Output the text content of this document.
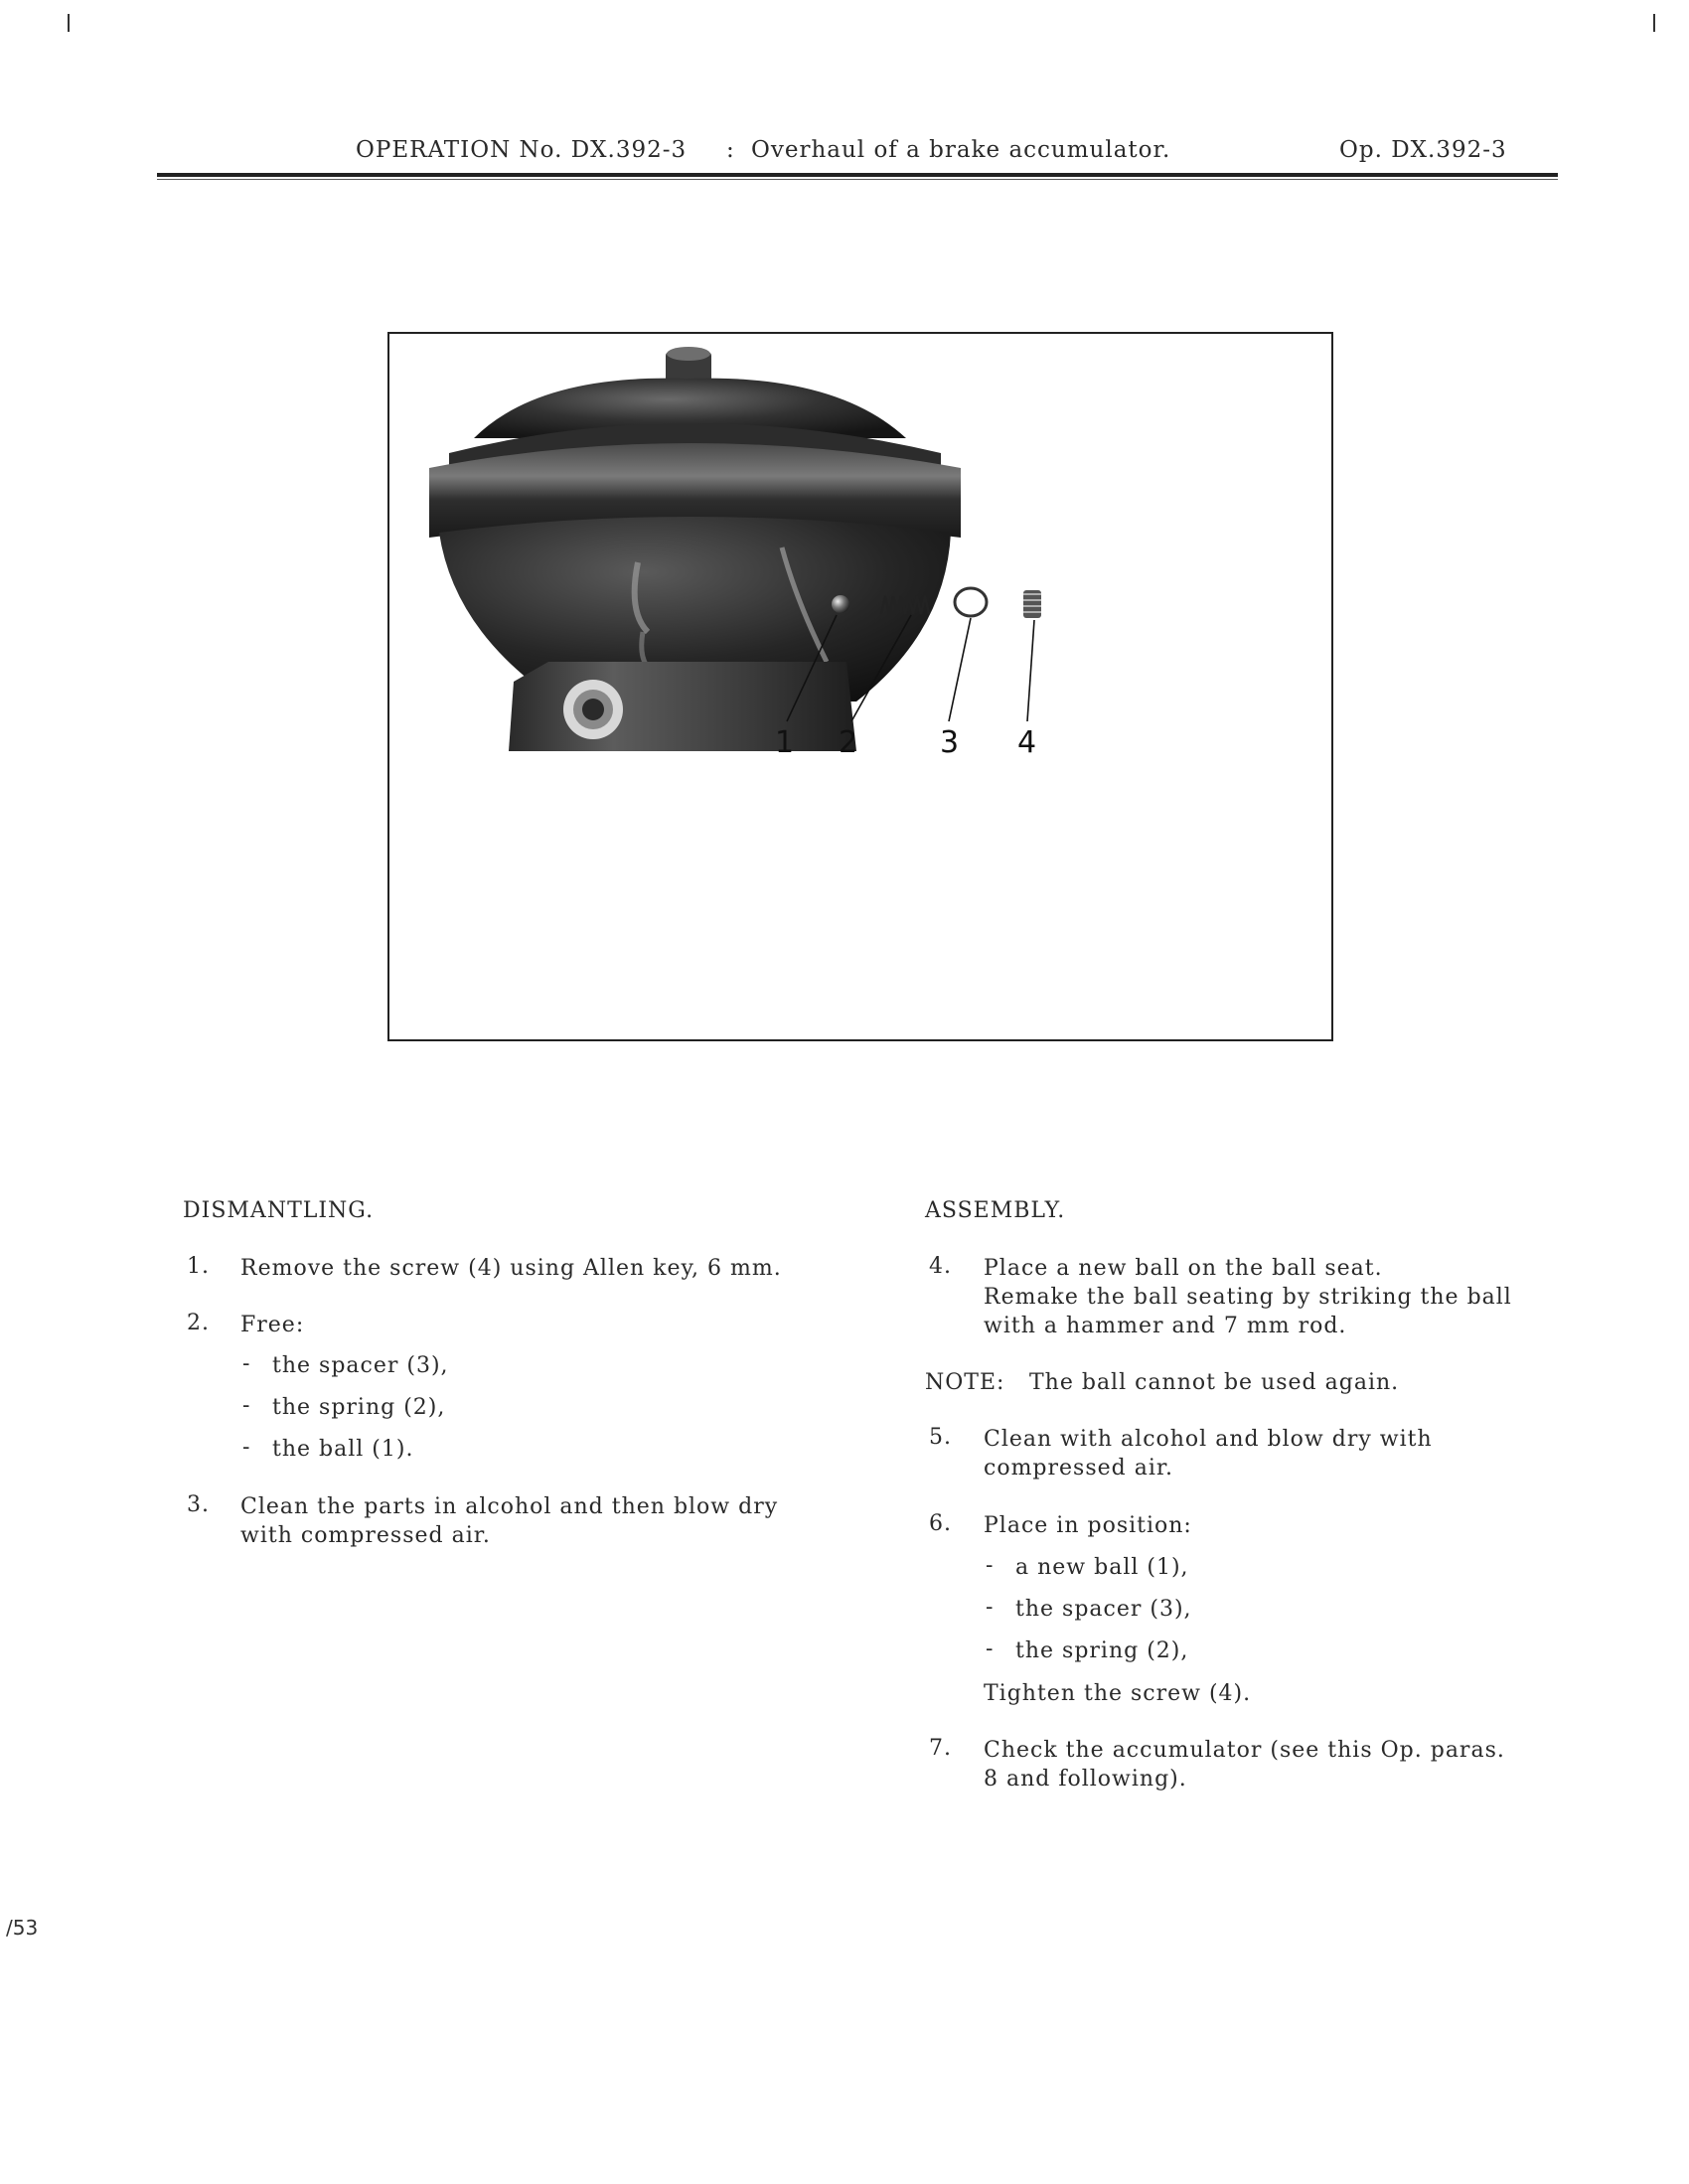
OPERATION No. DX.392-3 : Overhaul of a brake accumulator.	Op. DX.392-3
1 2	3 4
DISMANTLING.
1. Remove the screw (4) using Allen key, 6 mm.
2. Free:
- the spacer (3),
- the spring (2),
- the ball (1).
3. Clean the parts in alcohol and then blow dry
with compressed air.
ASSEMBLY.
4. Place a new ball on the ball seat.
Remake the ball seating by striking the ball
with a hammer and 7 mm rod.
NOTE: The ball cannot be used again.
5. Clean with alcohol and blow dry with
compressed air.
6. Place in position:
- a new ball (1),
- the spacer (3),
- the spring (2),
Tighten the screw (4).
7. Check the accumulator (see this Op. paras.
8 and following).
/53
